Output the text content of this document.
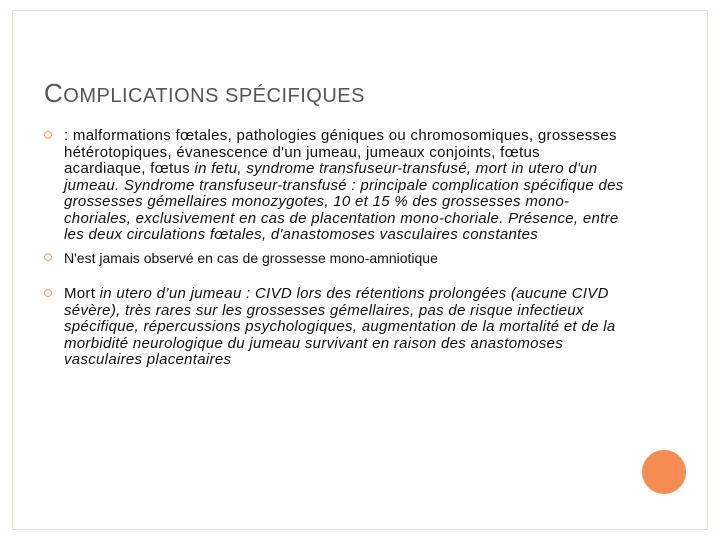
COMPLICATIONS SPÉCIFIQUES
: malformations fœtales, pathologies géniques ou chromosomiques, grossesses hétérotopiques, évanescence d'un jumeau, jumeaux conjoints, fœtus acardiaque, fœtus in fetu, syndrome transfuseur-transfusé, mort in utero d'un jumeau. Syndrome transfuseur-transfusé : principale complication spécifique des grossesses gémellaires monozygotes, 10 et 15 % des grossesses mono-choriales, exclusivement en cas de placentation mono-choriale. Présence, entre les deux circulations fœtales, d'anastomoses vasculaires constantes
N'est jamais observé en cas de grossesse mono-amniotique
Mort in utero d’un jumeau : CIVD lors des rétentions prolongées (aucune CIVD sévère), très rares sur les grossesses gémellaires, pas de risque infectieux spécifique, répercussions psychologiques, augmentation de la mortalité et de la morbidité neurologique du jumeau survivant en raison des anastomoses vasculaires placentaires
